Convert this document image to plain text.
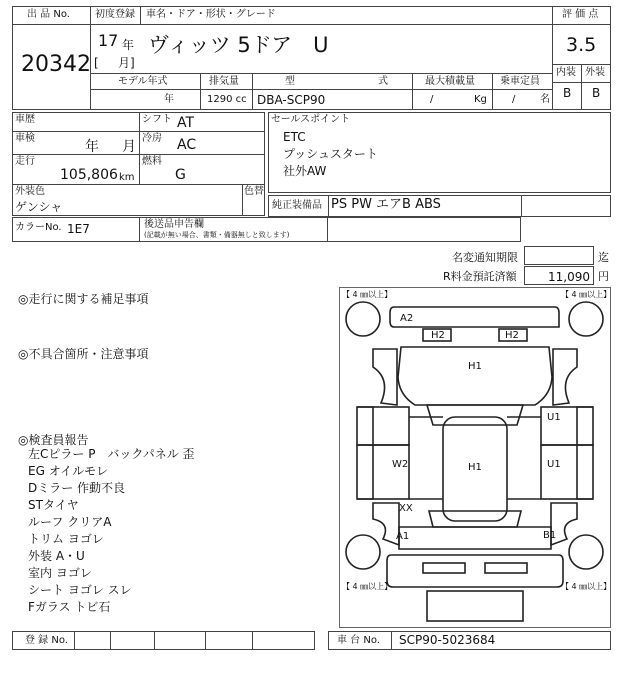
出 品 No.
20342
初度登録
17 年
[ 月]
車名・ドア・形状・グレード
ヴィッツ 5ドア　U
評 価 点
3.5
内装 外装
B B
モデル年式	排気量	型	式	最大積載量	乗車定員
年	1290 cc DBA-SCP90	/	Kg	/ 名
車歴	シフト AT
車検
年 月
冷房 AC
走行
105,806 km
燃料
G
外装色
ゲンシャ
色替
セールスポイント
ETC
プッシュスタート
社外AW
純正装備品 PS PW エアB ABS
カラーNo. 1E7	後送品申告欄
(記載が無い場合、書類・備器無しと致します)
名変通知期限	迄
R料金預託済額	11,090 円
◎走行に関する補足事項
◎不具合箇所・注意事項
◎検査員報告
左Cピラー P　バックパネル 歪
EG オイルモレ
Dミラー 作動不良
STタイヤ
ルーフ クリアA
トリム ヨゴレ
外装 A・U
室内 ヨゴレ
シート ヨゴレ スレ
Fガラス トビ石
【 4 ㎜以上】	【 4 ㎜以上】
【 4 ㎜以上】	【 4 ㎜以上】
A2
H2	H2
H1
U1
W2	H1	U1
XX
A1	B1
登 録 No.	車 台 No. SCP90-5023684
